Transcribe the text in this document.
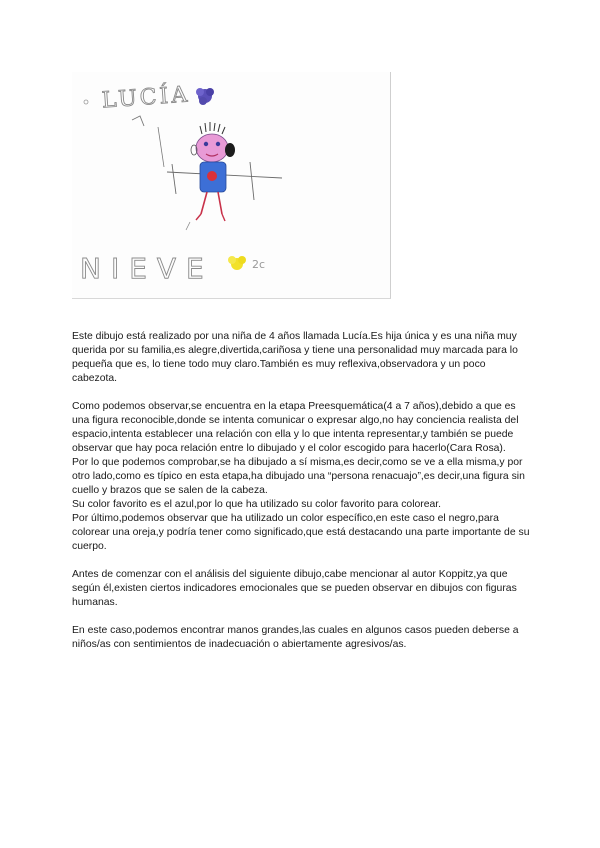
LUCÍA
NIEVE	2c

Este dibujo está realizado por una niña de 4 años llamada Lucía.Es hija única y es una niña muy querida por su familia,es alegre,divertida,cariñosa y tiene una personalidad muy marcada para lo pequeña que es, lo tiene todo muy claro.También es muy reflexiva,observadora y un poco cabezota.

Como podemos observar,se encuentra en la etapa Preesquemática(4 a 7 años),debido a que es una figura reconocible,donde se intenta comunicar o expresar algo,no hay conciencia realista del espacio,intenta establecer una relación con ella y lo que intenta representar,y también se puede observar que hay poca relación entre lo dibujado y el color escogido para hacerlo(Cara Rosa).

Por lo que podemos comprobar,se ha dibujado a sí misma,es decir,como se ve a ella misma,y por otro lado,como es típico en esta etapa,ha dibujado una “persona renacuajo”,es decir,una figura sin cuello y brazos que se salen de la cabeza.

Su color favorito es el azul,por lo que ha utilizado su color favorito para colorear.

Por último,podemos observar que ha utilizado un color específico,en este caso el negro,para colorear una oreja,y podría tener como significado,que está destacando una parte importante de su cuerpo.

Antes de comenzar con el análisis del siguiente dibujo,cabe mencionar al autor Koppitz,ya que según él,existen ciertos indicadores emocionales que se pueden observar en dibujos con figuras humanas.

En este caso,podemos encontrar manos grandes,las cuales en algunos casos pueden deberse a niños/as con sentimientos de inadecuación o abiertamente agresivos/as.
